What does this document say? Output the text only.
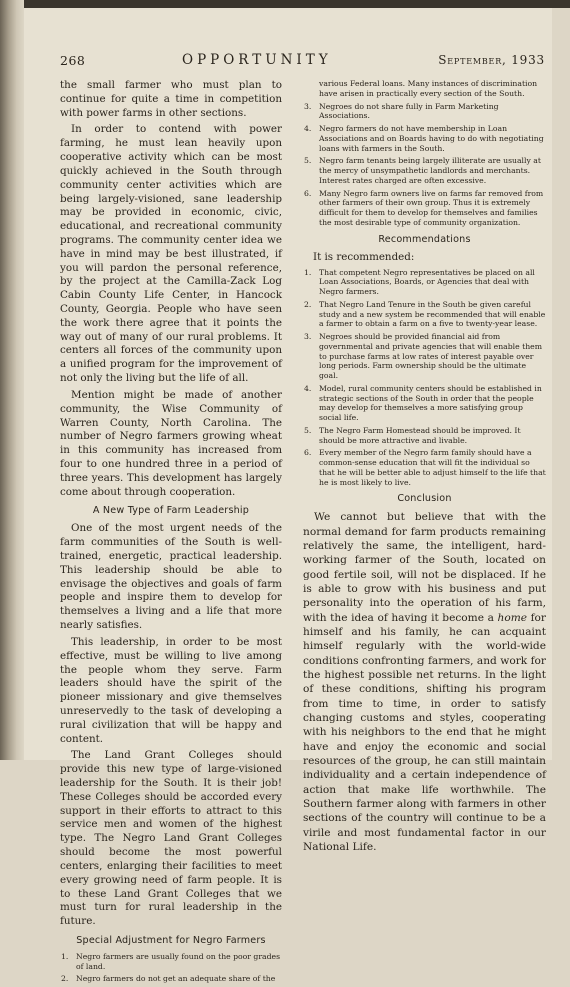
268	OPPORTUNITY	September, 1933

the small farmer who must plan to continue for quite a time in competition with power farms in other sections.

In order to contend with power farming, he must lean heavily upon cooperative activity which can be most quickly achieved in the South through community center activities which are being largely-visioned, sane leadership may be provided in economic, civic, educational, and recreational community programs. The community center idea we have in mind may be best illustrated, if you will pardon the personal reference, by the project at the Camilla-Zack Log Cabin County Life Center, in Hancock County, Georgia. People who have seen the work there agree that it points the way out of many of our rural problems. It centers all forces of the community upon a unified program for the improvement of not only the living but the life of all.

Mention might be made of another community, the Wise Community of Warren County, North Carolina. The number of Negro farmers growing wheat in this community has increased from four to one hundred three in a period of three years. This development has largely come about through cooperation.

A New Type of Farm Leadership

One of the most urgent needs of the farm communities of the South is well-trained, energetic, practical leadership. This leadership should be able to envisage the objectives and goals of farm people and inspire them to develop for themselves a living and a life that more nearly satisfies.

This leadership, in order to be most effective, must be willing to live among the people whom they serve. Farm leaders should have the spirit of the pioneer missionary and give themselves unreservedly to the task of developing a rural civilization that will be happy and content.

The Land Grant Colleges should provide this new type of large-visioned leadership for the South. It is their job! These Colleges should be accorded every support in their efforts to attract to this service men and women of the highest type. The Negro Land Grant Colleges should become the most powerful centers, enlarging their facilities to meet every growing need of farm people. It is to these Land Grant Colleges that we must turn for rural leadership in the future.

Special Adjustment for Negro Farmers
1. Negro farmers are usually found on the poor grades of land.
2. Negro farmers do not get an adequate share of the
various Federal loans. Many instances of discrimination have arisen in practically every section of the South.
3. Negroes do not share fully in Farm Marketing Associations.
4. Negro farmers do not have membership in Loan Associations and on Boards having to do with negotiating loans with farmers in the South.
5. Negro farm tenants being largely illiterate are usually at the mercy of unsympathetic landlords and merchants. Interest rates charged are often excessive.
6. Many Negro farm owners live on farms far removed from other farmers of their own group. Thus it is extremely difficult for them to develop for themselves and families the most desirable type of community organization.
Recommendations
It is recommended:
1. That competent Negro representatives be placed on all Loan Associations, Boards, or Agencies that deal with Negro farmers.
2. That Negro Land Tenure in the South be given careful study and a new system be recommended that will enable a farmer to obtain a farm on a five to twenty-year lease.
3. Negroes should be provided financial aid from governmental and private agencies that will enable them to purchase farms at low rates of interest payable over long periods. Farm ownership should be the ultimate goal.
4. Model, rural community centers should be established in strategic sections of the South in order that the people may develop for themselves a more satisfying group social life.
5. The Negro Farm Homestead should be improved. It should be more attractive and livable.
6. Every member of the Negro farm family should have a common-sense education that will fit the individual so that he will be better able to adjust himself to the life that he is most likely to live.
Conclusion

We cannot but believe that with the normal demand for farm products remaining relatively the same, the intelligent, hard-working farmer of the South, located on good fertile soil, will not be displaced. If he is able to grow with his business and put personality into the operation of his farm, with the idea of having it become a home for himself and his family, he can acquaint himself regularly with the world-wide conditions confronting farmers, and work for the highest possible net returns. In the light of these conditions, shifting his program from time to time, in order to satisfy changing customs and styles, cooperating with his neighbors to the end that he might have and enjoy the economic and social resources of the group, he can still maintain individuality and a certain independence of action that make life worthwhile. The Southern farmer along with farmers in other sections of the country will continue to be a virile and most fundamental factor in our National Life.
